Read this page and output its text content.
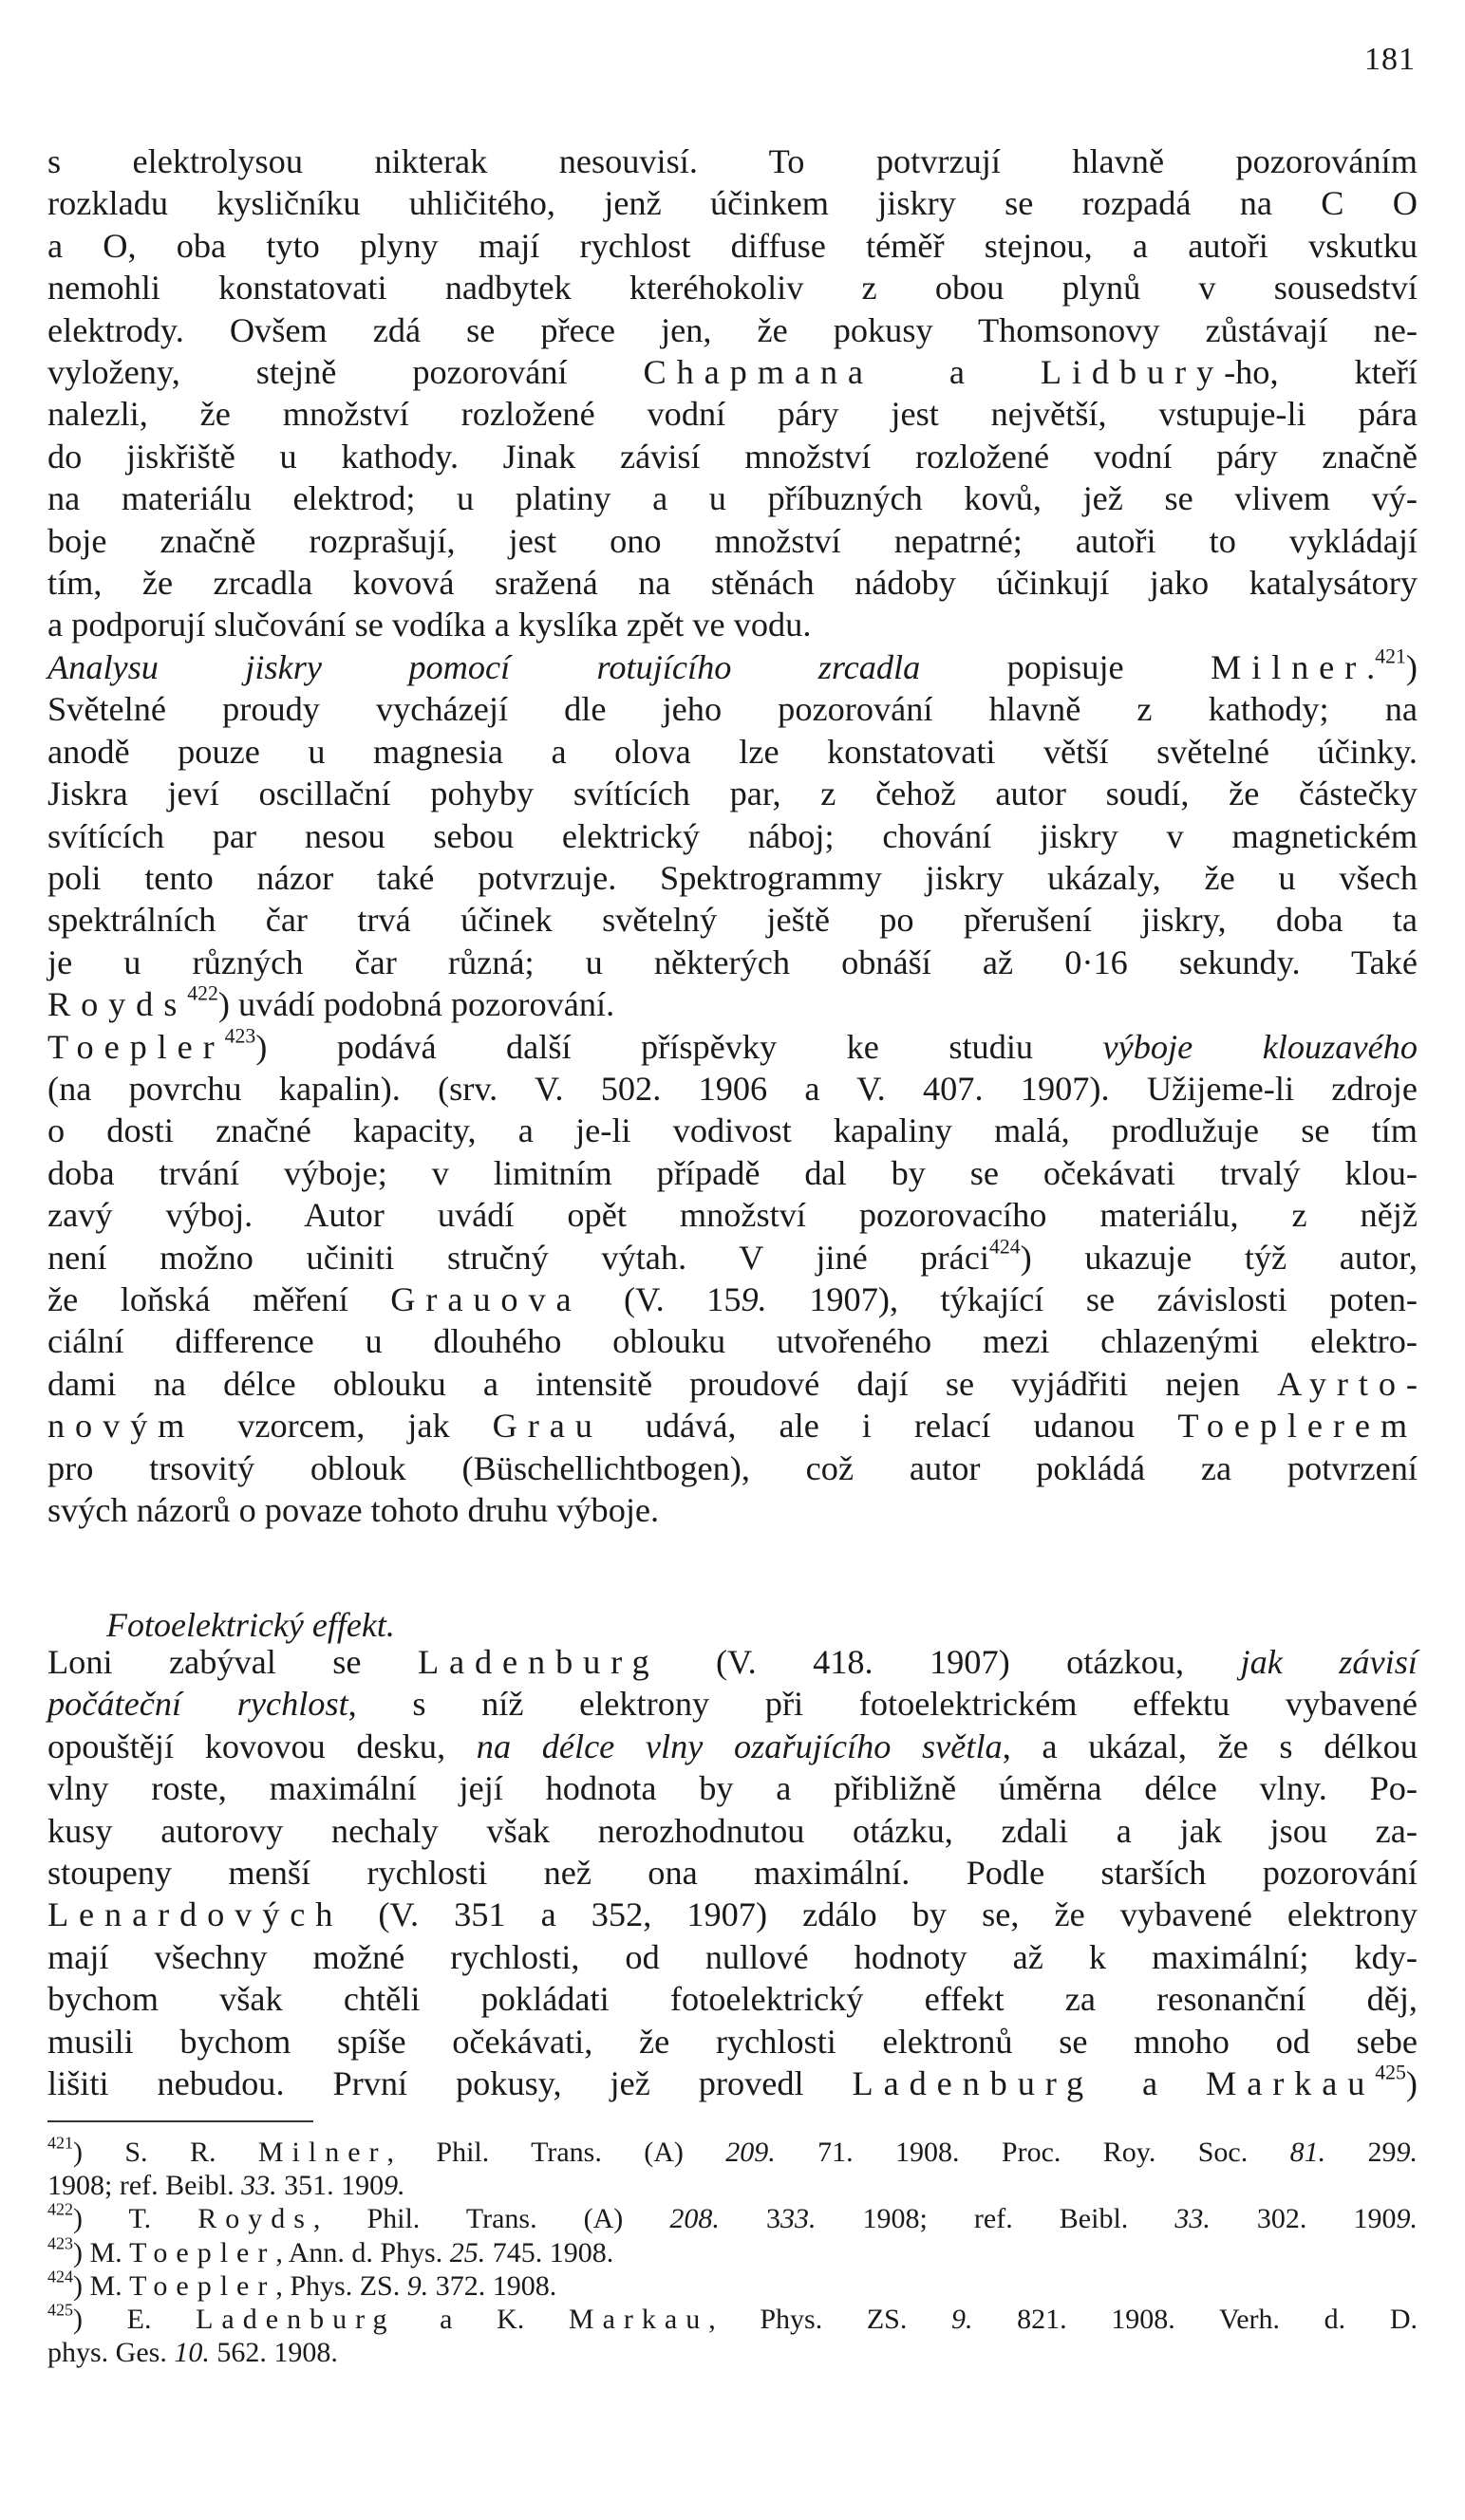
181
s elektrolysou nikterak nesouvisí. To potvrzují hlavně pozorováním
rozkladu kysličníku uhličitého, jenž účinkem jiskry se rozpadá na C O
a O, oba tyto plyny mají rychlost diffuse téměř stejnou, a autoři vskutku
nemohli konstatovati nadbytek kteréhokoliv z obou plynů v sousedství
elektrody. Ovšem zdá se přece jen, že pokusy Thomsonovy zůstávají ne-
vyloženy, stejně pozorování Chapmana a Lidbury-ho, kteří
nalezli, že množství rozložené vodní páry jest největší, vstupuje-li pára
do jiskřiště u kathody. Jinak závisí množství rozložené vodní páry značně
na materiálu elektrod; u platiny a u příbuzných kovů, jež se vlivem vý-
boje značně rozprašují, jest ono množství nepatrné; autoři to vykládají
tím, že zrcadla kovová sražená na stěnách nádoby účinkují jako katalysátory
a podporují slučování se vodíka a kyslíka zpět ve vodu.
Analysu jiskry pomocí rotujícího zrcadla popisuje Milner.$^{421}$)
Světelné proudy vycházejí dle jeho pozorování hlavně z kathody; na
anodě pouze u magnesia a olova lze konstatovati větší světelné účinky.
Jiskra jeví oscillační pohyby svítících par, z čehož autor soudí, že částečky
svítících par nesou sebou elektrický náboj; chování jiskry v magnetickém
poli tento názor také potvrzuje. Spektrogrammy jiskry ukázaly, že u všech
spektrálních čar trvá účinek světelný ještě po přerušení jiskry, doba ta
je u různých čar různá; u některých obnáší až 0·16 sekundy. Také
Royds$^{422}$) uvádí podobná pozorování.
Toepler$^{423}$) podává další příspěvky ke studiu výboje klouzavého
(na povrchu kapalin). (srv. V. 502. 1906 a V. 407. 1907). Užijeme-li zdroje
o dosti značné kapacity, a je-li vodivost kapaliny malá, prodlužuje se tím
doba trvání výboje; v limitním případě dal by se očekávati trvalý klou-
zavý výboj. Autor uvádí opět množství pozorovacího materiálu, z nějž
není možno učiniti stručný výtah. V jiné práci$^{424}$) ukazuje týž autor,
že loňská měření Grauova (V. 159. 1907), týkající se závislosti poten-
ciální difference u dlouhého oblouku utvořeného mezi chlazenými elektro-
dami na délce oblouku a intensitě proudové dají se vyjádřiti nejen Ayrto-
novým vzorcem, jak Grau udává, ale i relací udanou Toeplerem
pro trsovitý oblouk (Büschellichtbogen), což autor pokládá za potvrzení
svých názorů o povaze tohoto druhu výboje.
Fotoelektrický effekt.
Loni zabýval se Ladenburg (V. 418. 1907) otázkou, jak závisí
počáteční rychlost, s níž elektrony při fotoelektrickém effektu vybavené
opouštějí kovovou desku, na délce vlny ozařujícího světla, a ukázal, že s délkou
vlny roste, maximální její hodnota by a přibližně úměrna délce vlny. Po-
kusy autorovy nechaly však nerozhodnutou otázku, zdali a jak jsou za-
stoupeny menší rychlosti než ona maximální. Podle starších pozorování
Lenardových (V. 351 a 352, 1907) zdálo by se, že vybavené elektrony
mají všechny možné rychlosti, od nullové hodnoty až k maximální; kdy-
bychom však chtěli pokládati fotoelektrický effekt za resonanční děj,
musili bychom spíše očekávati, že rychlosti elektronů se mnoho od sebe
lišiti nebudou. První pokusy, jež provedl Ladenburg a Markau$^{425}$)
$^{421}$) S. R. Milner, Phil. Trans. (A) 209. 71. 1908. Proc. Roy. Soc. 81. 299.
1908; ref. Beibl. 33. 351. 1909.
$^{422}$) T. Royds, Phil. Trans. (A) 208. 333. 1908; ref. Beibl. 33. 302. 1909.
$^{423}$) M. Toepler, Ann. d. Phys. 25. 745. 1908.
$^{424}$) M. Toepler, Phys. ZS. 9. 372. 1908.
$^{425}$) E. Ladenburg a K. Markau, Phys. ZS. 9. 821. 1908. Verh. d. D.
phys. Ges. 10. 562. 1908.
